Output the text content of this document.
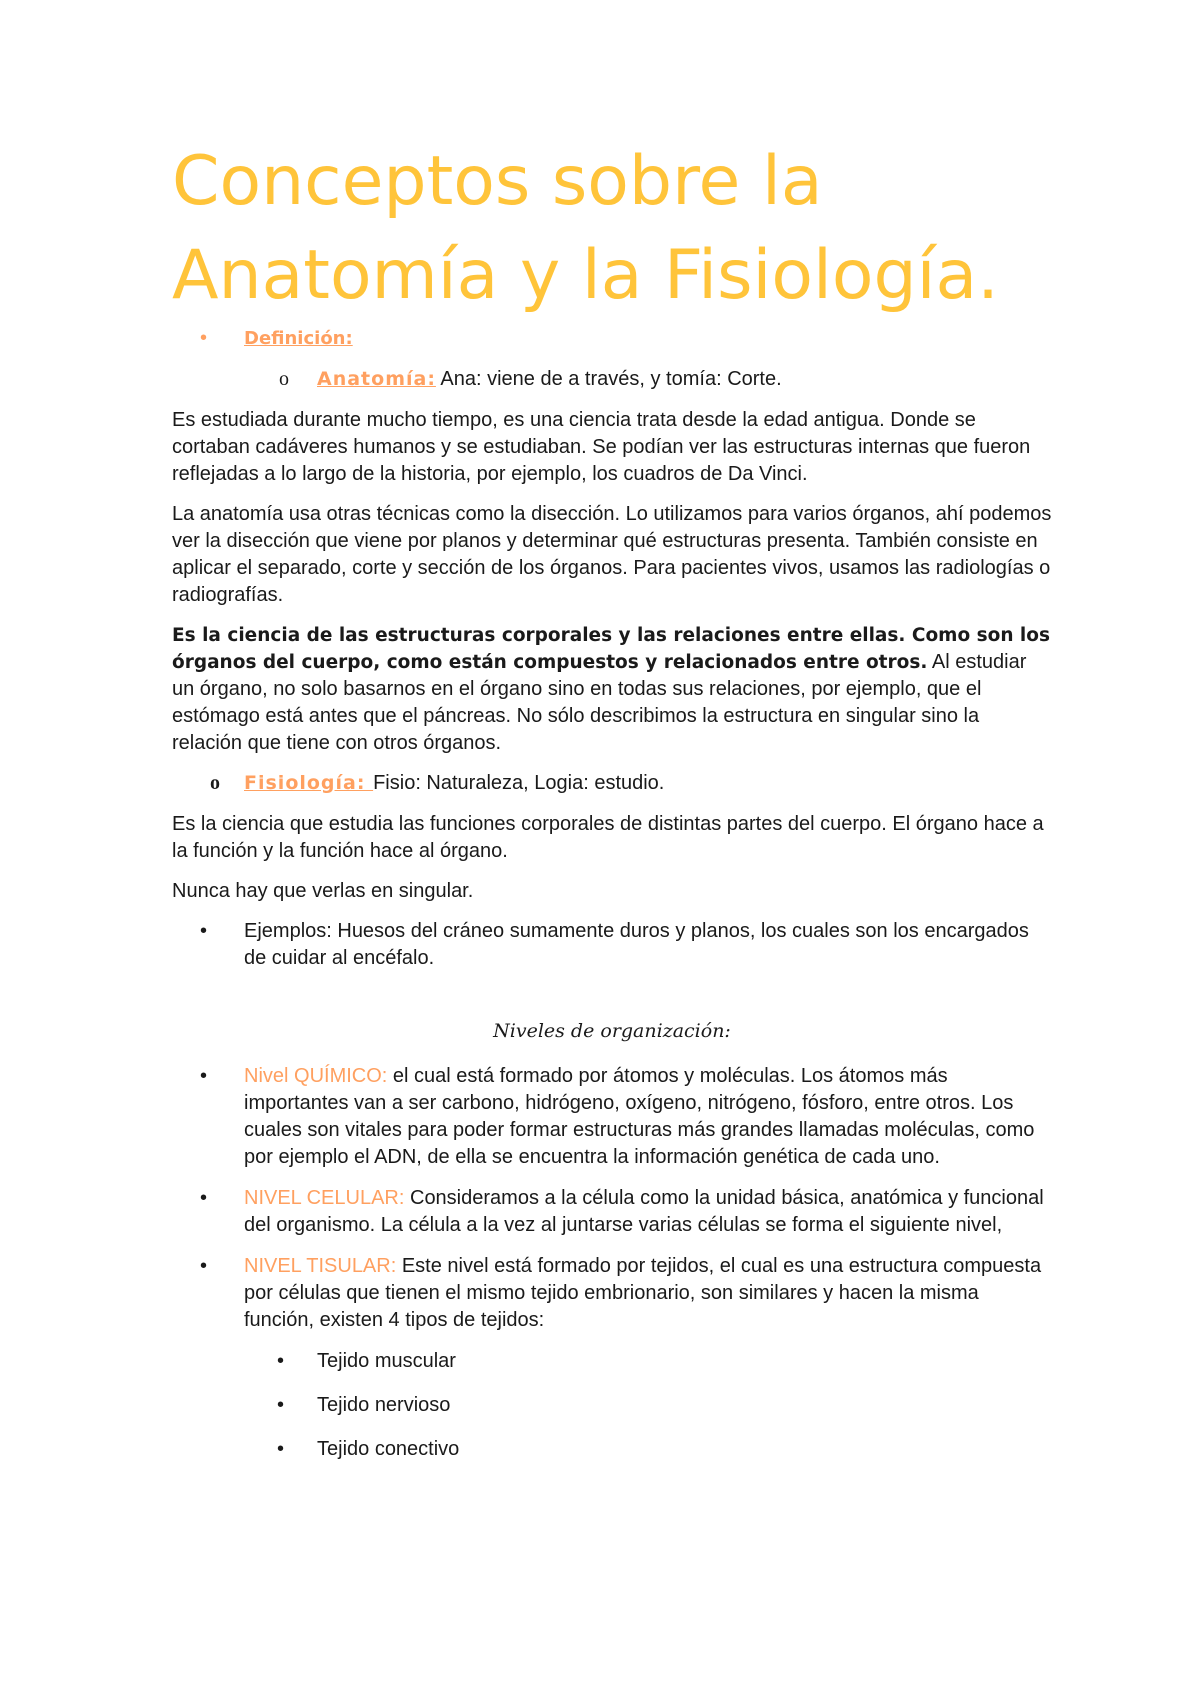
Conceptos sobre la
Anatomía y la Fisiología.
• Definición:
o Anatomía: Ana: viene de a través, y tomía: Corte.

Es estudiada durante mucho tiempo, es una ciencia trata desde la edad antigua. Donde se cortaban cadáveres humanos y se estudiaban. Se podían ver las estructuras internas que fueron reflejadas a lo largo de la historia, por ejemplo, los cuadros de Da Vinci.

La anatomía usa otras técnicas como la disección. Lo utilizamos para varios órganos, ahí podemos ver la disección que viene por planos y determinar qué estructuras presenta. También consiste en aplicar el separado, corte y sección de los órganos. Para pacientes vivos, usamos las radiologías o radiografías.

Es la ciencia de las estructuras corporales y las relaciones entre ellas. Como son los órganos del cuerpo, como están compuestos y relacionados entre otros. Al estudiar un órgano, no solo basarnos en el órgano sino en todas sus relaciones, por ejemplo, que el estómago está antes que el páncreas. No sólo describimos la estructura en singular sino la relación que tiene con otros órganos.

o Fisiología: Fisio: Naturaleza, Logia: estudio.

Es la ciencia que estudia las funciones corporales de distintas partes del cuerpo. El órgano hace a la función y la función hace al órgano.

Nunca hay que verlas en singular.

• Ejemplos: Huesos del cráneo sumamente duros y planos, los cuales son los encargados de cuidar al encéfalo.

Niveles de organización:

• Nivel QUÍMICO: el cual está formado por átomos y moléculas. Los átomos más importantes van a ser carbono, hidrógeno, oxígeno, nitrógeno, fósforo, entre otros. Los cuales son vitales para poder formar estructuras más grandes llamadas moléculas, como por ejemplo el ADN, de ella se encuentra la información genética de cada uno.
• NIVEL CELULAR: Consideramos a la célula como la unidad básica, anatómica y funcional del organismo. La célula a la vez al juntarse varias células se forma el siguiente nivel,
• NIVEL TISULAR: Este nivel está formado por tejidos, el cual es una estructura compuesta por células que tienen el mismo tejido embrionario, son similares y hacen la misma función, existen 4 tipos de tejidos:
• Tejido muscular
• Tejido nervioso
• Tejido conectivo
